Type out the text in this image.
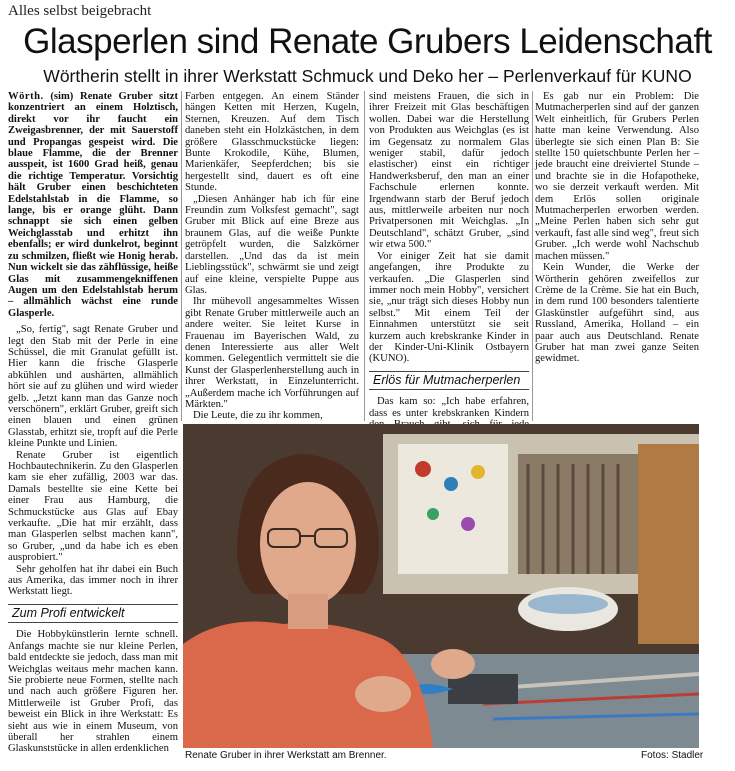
Alles selbst beigebracht
Glasperlen sind Renate Grubers Leidenschaft
Wörtherin stellt in ihrer Werkstatt Schmuck und Deko her – Perlenverkauf für KUNO

Wörth. (sim) Renate Gruber sitzt konzentriert an einem Holztisch, direkt vor ihr faucht ein Zweigasbrenner, der mit Sauerstoff und Propangas gespeist wird. Die blaue Flamme, die der Brenner ausspeit, ist 1600 Grad heiß, genau die richtige Temperatur. Vorsichtig hält Gruber einen beschichteten Edelstahlstab in die Flamme, so lange, bis er orange glüht. Dann schnappt sie sich einen gelben Weichglasstab und erhitzt ihn ebenfalls; er wird dunkelrot, beginnt zu schmilzen, fließt wie Honig herab. Nun wickelt sie das zähflüssige, heiße Glas mit zusammengekniffenen Augen um den Edelstahlstab herum – allmählich wächst eine runde Glasperle.

„So, fertig", sagt Renate Gruber und legt den Stab mit der Perle in eine Schüssel, die mit Granulat gefüllt ist. Hier kann die frische Glasperle abkühlen und aushärten, allmählich hört sie auf zu glühen und wird wieder gelb. „Jetzt kann man das Ganze noch verschönern", erklärt Gruber, greift sich einen blauen und einen grünen Glasstab, erhitzt sie, tropft auf die Perle kleine Punkte und Linien.

Renate Gruber ist eigentlich Hochbautechnikerin. Zu den Glasperlen kam sie eher zufällig, 2003 war das. Damals bestellte sie eine Kette bei einer Frau aus Hamburg, die Schmuckstücke aus Glas auf Ebay verkaufte. „Die hat mir erzählt, dass man Glasperlen selbst machen kann", so Gruber, „und da habe ich es eben ausprobiert."

Sehr geholfen hat ihr dabei ein Buch aus Amerika, das immer noch in ihrer Werkstatt liegt.

Zum Profi entwickelt

Die Hobbykünstlerin lernte schnell. Anfangs machte sie nur kleine Perlen, bald entdeckte sie jedoch, dass man mit Weichglas weitaus mehr machen kann. Sie probierte neue Formen, stellte nach und nach auch größere Figuren her. Mittlerweile ist Gruber Profi, das beweist ein Blick in ihre Werkstatt: Es sieht aus wie in einem Museum, von überall her strahlen einem Glaskunststücke in allen erdenklichen

Farben entgegen. An einem Ständer hängen Ketten mit Herzen, Kugeln, Sternen, Kreuzen. Auf dem Tisch daneben steht ein Holzkästchen, in dem größere Glasschmuckstücke liegen: Bunte Krokodile, Kühe, Blumen, Marienkäfer, Seepferdchen; bis sie hergestellt sind, dauert es oft eine Stunde.

„Diesen Anhänger hab ich für eine Freundin zum Volksfest gemacht", sagt Gruber mit Blick auf eine Breze aus braunem Glas, auf die weiße Punkte getröpfelt wurden, die Salzkörner darstellen. „Und das da ist mein Lieblingsstück", schwärmt sie und zeigt auf eine kleine, verspielte Puppe aus Glas.

Ihr mühevoll angesammeltes Wissen gibt Renate Gruber mittlerweile auch an andere weiter. Sie leitet Kurse in Frauenau im Bayerischen Wald, zu denen Interessierte aus aller Welt kommen. Gelegentlich vermittelt sie die Kunst der Glasperlenherstellung auch in ihrer Werkstatt, in Einzelunterricht. „Außerdem mache ich Vorführungen auf Märkten."

Die Leute, die zu ihr kommen,

sind meistens Frauen, die sich in ihrer Freizeit mit Glas beschäftigen wollen. Dabei war die Herstellung von Produkten aus Weichglas (es ist im Gegensatz zu normalem Glas weniger stabil, dafür jedoch elastischer) einst ein richtiger Handwerksberuf, den man an einer Fachschule erlernen konnte. Irgendwann starb der Beruf jedoch aus, mittlerweile arbeiten nur noch Privatpersonen mit Weichglas. „In Deutschland", schätzt Gruber, „sind wir etwa 500."

Vor einiger Zeit hat sie damit angefangen, ihre Produkte zu verkaufen. „Die Glasperlen sind immer noch mein Hobby", versichert sie, „nur trägt sich dieses Hobby nun selbst." Mit einem Teil der Einnahmen unterstützt sie seit kurzem auch krebskranke Kinder in der Kinder-Uni-Klinik Ostbayern (KUNO).

Erlös für Mutmacherperlen

Das kam so: „Ich habe erfahren, dass es unter krebskranken Kindern

Es gab nur ein Problem: Die Mutmacherperlen sind auf der ganzen Welt einheitlich, für Grubers Perlen hatte man keine Verwendung. Also überlegte sie sich einen Plan B: Sie stellte 150 quietschbunte Perlen her – jede braucht eine dreiviertel Stunde – und brachte sie in die Hofapotheke, wo sie derzeit verkauft werden. Mit dem Erlös sollen originale Mutmacherperlen erworben werden. „Meine Perlen haben sich sehr gut verkauft, fast alle sind weg", freut sich Gruber. „Ich werde wohl Nachschub machen müssen."

Kein Wunder, die Werke der Wörtherin gehören zweifellos zur Crème de la Crème. Sie hat ein Buch, in dem rund 100 besonders talentierte Glaskünstler aufgeführt sind, aus Russland, Amerika, Holland – ein paar auch aus Deutschland. Renate Gruber hat man zwei ganze Seiten gewidmet.

Renate Gruber in ihrer Werkstatt am Brenner.	Fotos: Stadler
